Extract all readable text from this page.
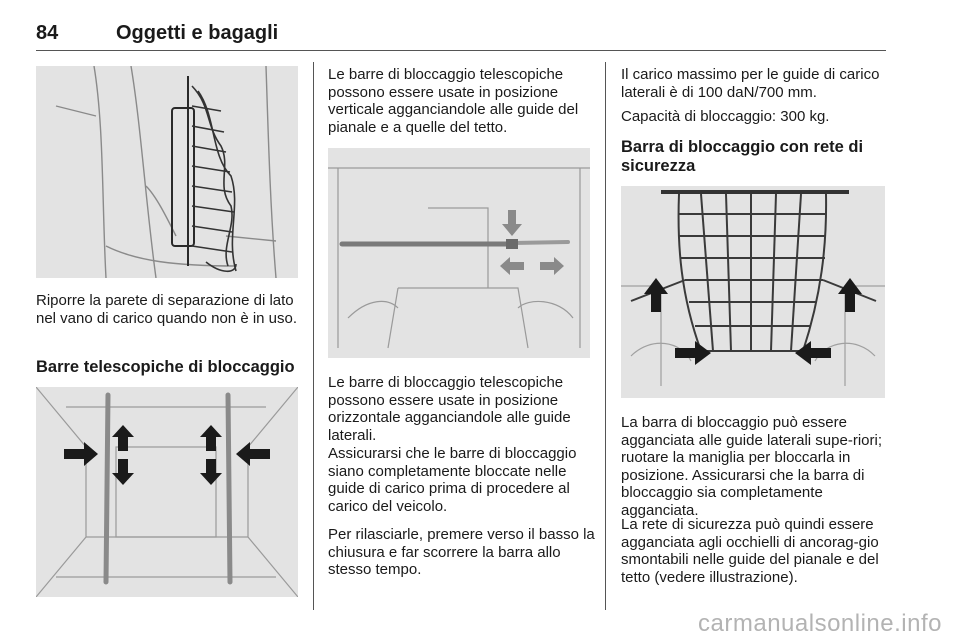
84	Oggetti e bagagli

Riporre la parete di separazione di lato nel vano di carico quando non è in uso.

Barre telescopiche di bloccaggio

Le barre di bloccaggio telescopiche possono essere usate in posizione verticale agganciandole alle guide del pianale e a quelle del tetto.

Le barre di bloccaggio telescopiche possono essere usate in posizione orizzontale agganciandole alle guide laterali.

Assicurarsi che le barre di bloccaggio siano completamente bloccate nelle guide di carico prima di procedere al carico del veicolo.

Per rilasciarle, premere verso il basso la chiusura e far scorrere la barra allo stesso tempo.

Il carico massimo per le guide di carico laterali è di 100 daN/700 mm.

Capacità di bloccaggio: 300 kg.

Barra di bloccaggio con rete di sicurezza

La barra di bloccaggio può essere agganciata alle guide laterali supe-riori; ruotare la maniglia per bloccarla in posizione. Assicurarsi che la barra di bloccaggio sia completamente agganciata.

La rete di sicurezza può quindi essere agganciata agli occhielli di ancorag-gio smontabili nelle guide del pianale e del tetto (vedere illustrazione).

carmanualsonline.info
